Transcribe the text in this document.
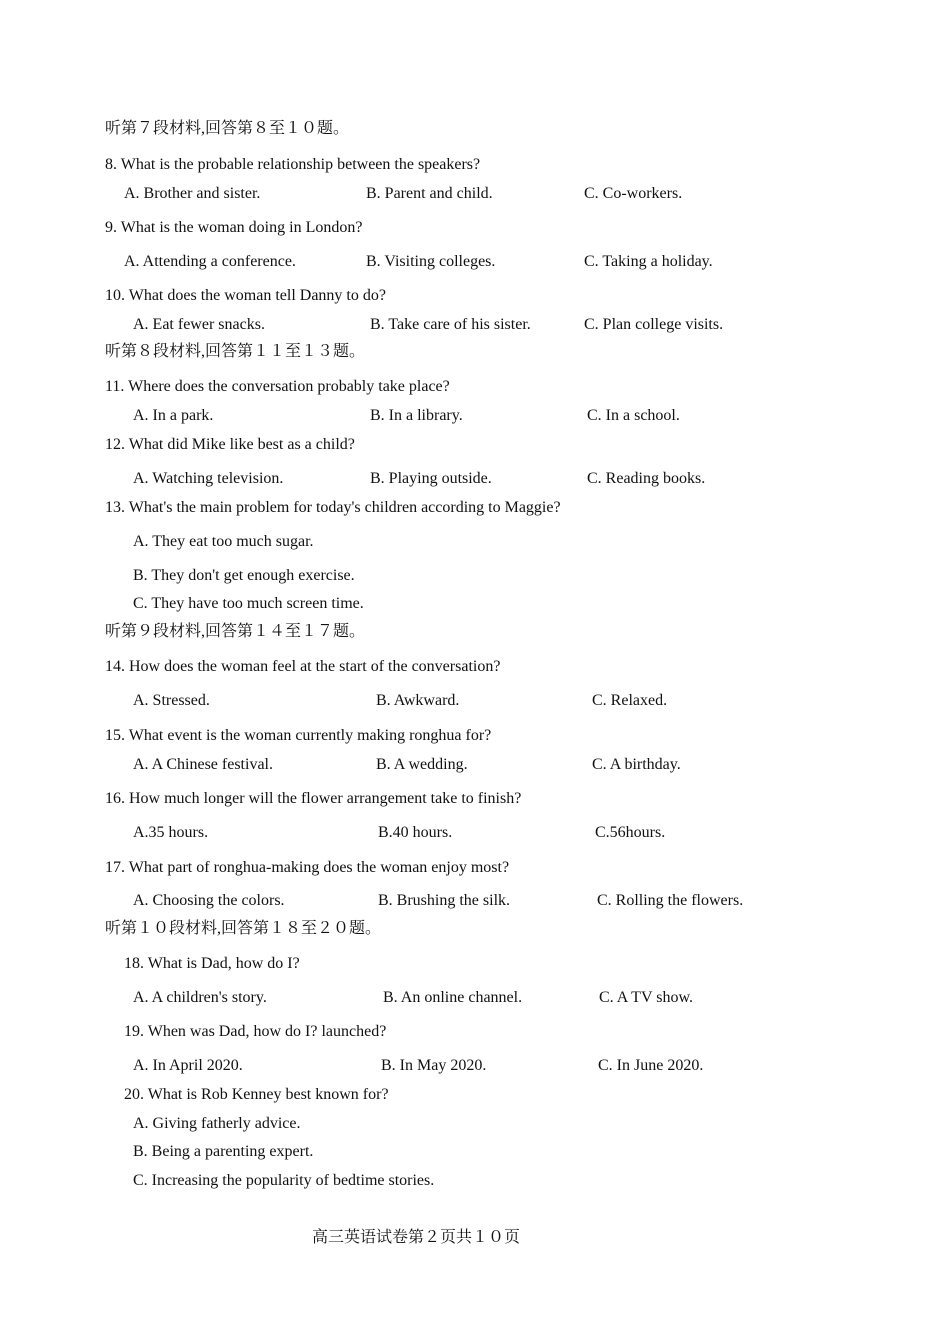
听第７段材料,回答第８至１０题。
8. What is the probable relationship between the speakers?
A. Brother and sister.	B. Parent and child.	C. Co-workers.
9. What is the woman doing in London?
A. Attending a conference.	B. Visiting colleges.	C. Taking a holiday.
10. What does the woman tell Danny to do?
A. Eat fewer snacks.	B. Take care of his sister.	C. Plan college visits.
听第８段材料,回答第１１至１３题。
11. Where does the conversation probably take place?
A. In a park.	B. In a library.	C. In a school.
12. What did Mike like best as a child?
A. Watching television.	B. Playing outside.	C. Reading books.
13. What's the main problem for today's children according to Maggie?
A. They eat too much sugar.
B. They don't get enough exercise.
C. They have too much screen time.
听第９段材料,回答第１４至１７题。
14. How does the woman feel at the start of the conversation?
A. Stressed.	B. Awkward.	C. Relaxed.
15. What event is the woman currently making ronghua for?
A. A Chinese festival.	B. A wedding.	C. A birthday.
16. How much longer will the flower arrangement take to finish?
A.35 hours.	B.40 hours.	C.56hours.
17. What part of ronghua-making does the woman enjoy most?
A. Choosing the colors.	B. Brushing the silk.	C. Rolling the flowers.
听第１０段材料,回答第１８至２０题。
18. What is Dad, how do I?
A. A children's story.	B. An online channel.	C. A TV show.
19. When was Dad, how do I? launched?
A. In April 2020.	B. In May 2020.	C. In June 2020.
20. What is Rob Kenney best known for?
A. Giving fatherly advice.
B. Being a parenting expert.
C. Increasing the popularity of bedtime stories.
高三英语试卷第２页共１０页
